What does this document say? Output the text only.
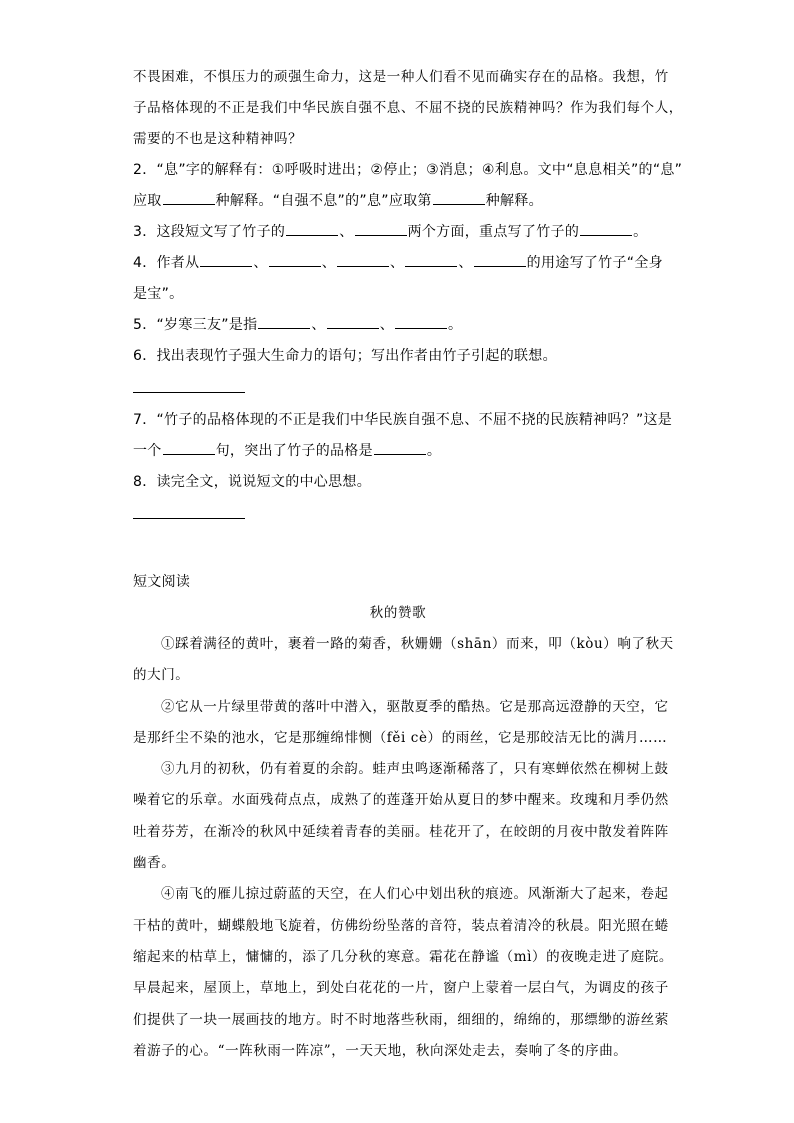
不畏困难，不惧压力的顽强生命力，这是一种人们看不见而确实存在的品格。我想，竹
子品格体现的不正是我们中华民族自强不息、不屈不挠的民族精神吗？作为我们每个人，
需要的不也是这种精神吗？
2．“息”字的解释有：①呼吸时进出；②停止；③消息；④利息。文中“息息相关”的“息”
应取	种解释。“自强不息”的”息”应取第	种解释。
3．这段短文写了竹子的	、	两个方面，重点写了竹子的	。
4．作者从	、	、	、	、	的用途写了竹子“全身
是宝”。
5．“岁寒三友”是指	、	、	。
6．找出表现竹子强大生命力的语句；写出作者由竹子引起的联想。
7．“竹子的品格体现的不正是我们中华民族自强不息、不屈不挠的民族精神吗？”这是
一个	句，突出了竹子的品格是	。
8．读完全文，说说短文的中心思想。
短文阅读
秋的赞歌
①踩着满径的黄叶，裹着一路的菊香，秋姗姗（shān）而来，叩（kòu）响了秋天
的大门。
②它从一片绿里带黄的落叶中潜入，驱散夏季的酷热。它是那高远澄静的天空，它
是那纤尘不染的池水，它是那缠绵悱恻（fěi cè）的雨丝，它是那皎洁无比的满月……
③九月的初秋，仍有着夏的余韵。蛙声虫鸣逐渐稀落了，只有寒蝉依然在柳树上鼓
噪着它的乐章。水面残荷点点，成熟了的莲蓬开始从夏日的梦中醒来。玫瑰和月季仍然
吐着芬芳，在渐冷的秋风中延续着青春的美丽。桂花开了，在皎朗的月夜中散发着阵阵
幽香。
④南飞的雁儿掠过蔚蓝的天空，在人们心中划出秋的痕迹。风渐渐大了起来，卷起
干枯的黄叶，蝴蝶般地飞旋着，仿佛纷纷坠落的音符，装点着清冷的秋晨。阳光照在蜷
缩起来的枯草上，慵慵的，添了几分秋的寒意。霜花在静谧（mì）的夜晚走进了庭院。
早晨起来，屋顶上，草地上，到处白花花的一片，窗户上蒙着一层白气，为调皮的孩子
们提供了一块一展画技的地方。时不时地落些秋雨，细细的，绵绵的，那缥缈的游丝萦
着游子的心。“一阵秋雨一阵凉”，一天天地，秋向深处走去，奏响了冬的序曲。
